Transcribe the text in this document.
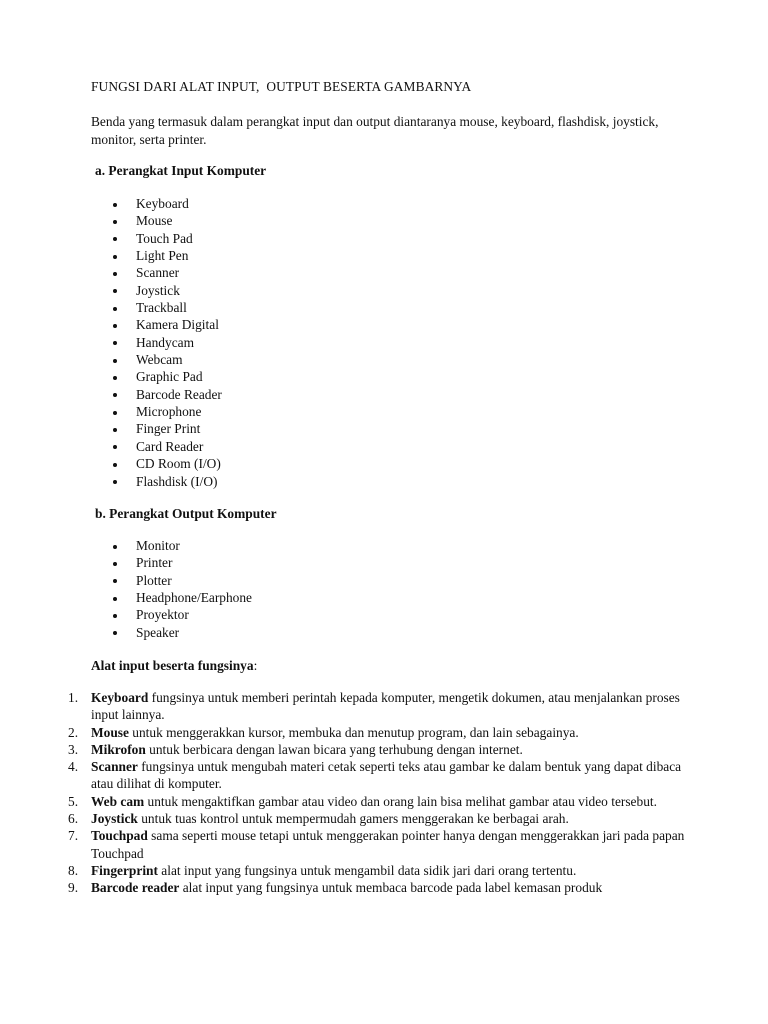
FUNGSI DARI ALAT INPUT,  OUTPUT BESERTA GAMBARNYA
Benda yang termasuk dalam perangkat input dan output diantaranya mouse, keyboard, flashdisk, joystick, monitor, serta printer.
a. Perangkat Input Komputer
Keyboard
Mouse
Touch Pad
Light Pen
Scanner
Joystick
Trackball
Kamera Digital
Handycam
Webcam
Graphic Pad
Barcode Reader
Microphone
Finger Print
Card Reader
CD Room (I/O)
Flashdisk (I/O)
b. Perangkat Output Komputer
Monitor
Printer
Plotter
Headphone/Earphone
Proyektor
Speaker
Alat input beserta fungsinya:
1. Keyboard fungsinya untuk memberi perintah kepada komputer, mengetik dokumen, atau menjalankan proses input lainnya.
2. Mouse untuk menggerakkan kursor, membuka dan menutup program, dan lain sebagainya.
3. Mikrofon untuk berbicara dengan lawan bicara yang terhubung dengan internet.
4. Scanner fungsinya untuk mengubah materi cetak seperti teks atau gambar ke dalam bentuk yang dapat dibaca atau dilihat di komputer.
5. Web cam untuk mengaktifkan gambar atau video dan orang lain bisa melihat gambar atau video tersebut.
6. Joystick untuk tuas kontrol untuk mempermudah gamers menggerakan ke berbagai arah.
7. Touchpad sama seperti mouse tetapi untuk menggerakan pointer hanya dengan menggerakkan jari pada papan Touchpad
8. Fingerprint alat input yang fungsinya untuk mengambil data sidik jari dari orang tertentu.
9. Barcode reader alat input yang fungsinya untuk membaca barcode pada label kemasan produk
